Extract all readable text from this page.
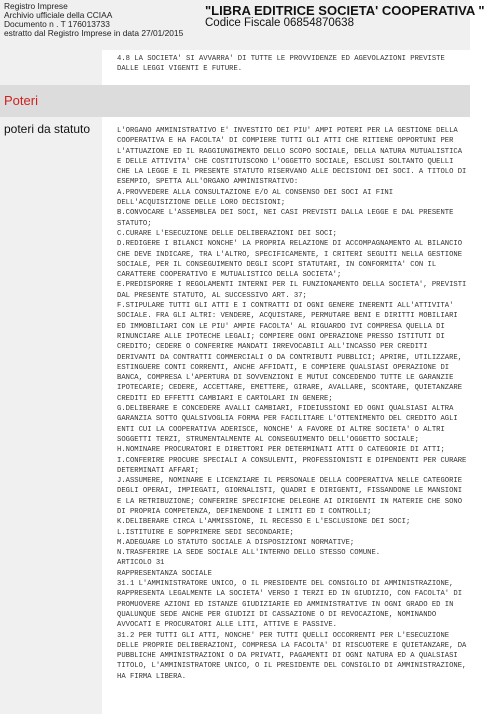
Registro Imprese
Archivio ufficiale della CCIAA
Documento n . T 176013733
estratto dal Registro Imprese in data 27/01/2015
"LIBRA EDITRICE SOCIETA' COOPERATIVA "
Codice Fiscale 06854870638
Poteri
poteri da statuto
4.8 LA SOCIETA' SI AVVARRA' DI TUTTE LE PROVVIDENZE ED AGEVOLAZIONI PREVISTE DALLE LEGGI VIGENTI E FUTURE.
L'ORGANO AMMINISTRATIVO E' INVESTITO DEI PIU' AMPI POTERI PER LA GESTIONE DELLA COOPERATIVA E HA FACOLTA' DI COMPIERE TUTTI GLI ATTI CHE RITIENE OPPORTUNI PER L'ATTUAZIONE ED IL RAGGIUNGIMENTO DELLO SCOPO SOCIALE, DELLA NATURA MUTUALISTICA E DELLE ATTIVITA' CHE COSTITUISCONO L'OGGETTO SOCIALE, ESCLUSI SOLTANTO QUELLI CHE LA LEGGE E IL PRESENTE STATUTO RISERVANO ALLE DECISIONI DEI SOCI. A TITOLO DI ESEMPIO, SPETTA ALL'ORGANO AMMINISTRATIVO:
A.PROVVEDERE ALLA CONSULTAZIONE E/O AL CONSENSO DEI SOCI AI FINI DELL'ACQUISIZIONE DELLE LORO DECISIONI;
B.CONVOCARE L'ASSEMBLEA DEI SOCI, NEI CASI PREVISTI DALLA LEGGE E DAL PRESENTE STATUTO;
C.CURARE L'ESECUZIONE DELLE DELIBERAZIONI DEI SOCI;
D.REDIGERE I BILANCI NONCHE' LA PROPRIA RELAZIONE DI ACCOMPAGNAMENTO AL BILANCIO CHE DEVE INDICARE, TRA L'ALTRO, SPECIFICAMENTE, I CRITERI SEGUITI NELLA GESTIONE SOCIALE, PER IL CONSEGUIMENTO DEGLI SCOPI STATUTARI, IN CONFORMITA' CON IL CARATTERE COOPERATIVO E MUTUALISTICO DELLA SOCIETA';
E.PREDISPORRE I REGOLAMENTI INTERNI PER IL FUNZIONAMENTO DELLA SOCIETA', PREVISTI DAL PRESENTE STATUTO, AL SUCCESSIVO ART. 37;
F.STIPULARE TUTTI GLI ATTI E I CONTRATTI DI OGNI GENERE INERENTI ALL'ATTIVITA' SOCIALE. FRA GLI ALTRI: VENDERE, ACQUISTARE, PERMUTARE BENI E DIRITTI MOBILIARI ED IMMOBILIARI CON LE PIU' AMPIE FACOLTA' AL RIGUARDO IVI COMPRESA QUELLA DI RINUNCIARE ALLE IPOTECHE LEGALI; COMPIERE OGNI OPERAZIONE PRESSO ISTITUTI DI CREDITO; CEDERE O CONFERIRE MANDATI IRREVOCABILI ALL'INCASSO PER CREDITI DERIVANTI DA CONTRATTI COMMERCIALI O DA CONTRIBUTI PUBBLICI; APRIRE, UTILIZZARE, ESTINGUERE CONTI CORRENTI, ANCHE AFFIDATI, E COMPIERE QUALSIASI OPERAZIONE DI BANCA, COMPRESA L'APERTURA DI SOVVENZIONI E MUTUI CONCEDENDO TUTTE LE GARANZIE IPOTECARIE; CEDERE, ACCETTARE, EMETTERE, GIRARE, AVALLARE, SCONTARE, QUIETANZARE CREDITI ED EFFETTI CAMBIARI E CARTOLARI IN GENERE;
G.DELIBERARE E CONCEDERE AVALLI CAMBIARI, FIDEIUSSIONI ED OGNI QUALSIASI ALTRA GARANZIA SOTTO QUALSIVOGLIA FORMA PER FACILITARE L'OTTENIMENTO DEL CREDITO AGLI ENTI CUI LA COOPERATIVA ADERISCE, NONCHE' A FAVORE DI ALTRE SOCIETA' O ALTRI SOGGETTI TERZI, STRUMENTALMENTE AL CONSEGUIMENTO DELL'OGGETTO SOCIALE;
H.NOMINARE PROCURATORI E DIRETTORI PER DETERMINATI ATTI O CATEGORIE DI ATTI;
I.CONFERIRE PROCURE SPECIALI A CONSULENTI, PROFESSIONISTI E DIPENDENTI PER CURARE DETERMINATI AFFARI;
J.ASSUMERE, NOMINARE E LICENZIARE IL PERSONALE DELLA COOPERATIVA NELLE CATEGORIE DEGLI OPERAI, IMPIEGATI, GIORNALISTI, QUADRI E DIRIGENTI, FISSANDONE LE MANSIONI E LA RETRIBUZIONE; CONFERIRE SPECIFICHE DELEGHE AI DIRIGENTI IN MATERIE CHE SONO DI PROPRIA COMPETENZA, DEFINENDONE I LIMITI ED I CONTROLLI;
K.DELIBERARE CIRCA L'AMMISSIONE, IL RECESSO E L'ESCLUSIONE DEI SOCI;
L.ISTITUIRE E SOPPRIMERE SEDI SECONDARIE;
M.ADEGUARE LO STATUTO SOCIALE A DISPOSIZIONI NORMATIVE;
N.TRASFERIRE LA SEDE SOCIALE ALL'INTERNO DELLO STESSO COMUNE.
ARTICOLO 31
RAPPRESENTANZA SOCIALE
31.1 L'AMMINISTRATORE UNICO, O IL PRESIDENTE DEL CONSIGLIO DI AMMINISTRAZIONE, RAPPRESENTA LEGALMENTE LA SOCIETA' VERSO I TERZI ED IN GIUDIZIO, CON FACOLTA' DI PROMUOVERE AZIONI ED ISTANZE GIUDIZIARIE ED AMMINISTRATIVE IN OGNI GRADO ED IN QUALUNQUE SEDE ANCHE PER GIUDIZI DI CASSAZIONE O DI REVOCAZIONE, NOMINANDO AVVOCATI E PROCURATORI ALLE LITI, ATTIVE E PASSIVE.
31.2 PER TUTTI GLI ATTI, NONCHE' PER TUTTI QUELLI OCCORRENTI PER L'ESECUZIONE DELLE PROPRIE DELIBERAZIONI, COMPRESA LA FACOLTA' DI RISCUOTERE E QUIETANZARE, DA PUBBLICHE AMMINISTRAZIONI O DA PRIVATI, PAGAMENTI DI OGNI NATURA ED A QUALSIASI TITOLO, L'AMMINISTRATORE UNICO, O IL PRESIDENTE DEL CONSIGLIO DI AMMINISTRAZIONE, HA FIRMA LIBERA.
